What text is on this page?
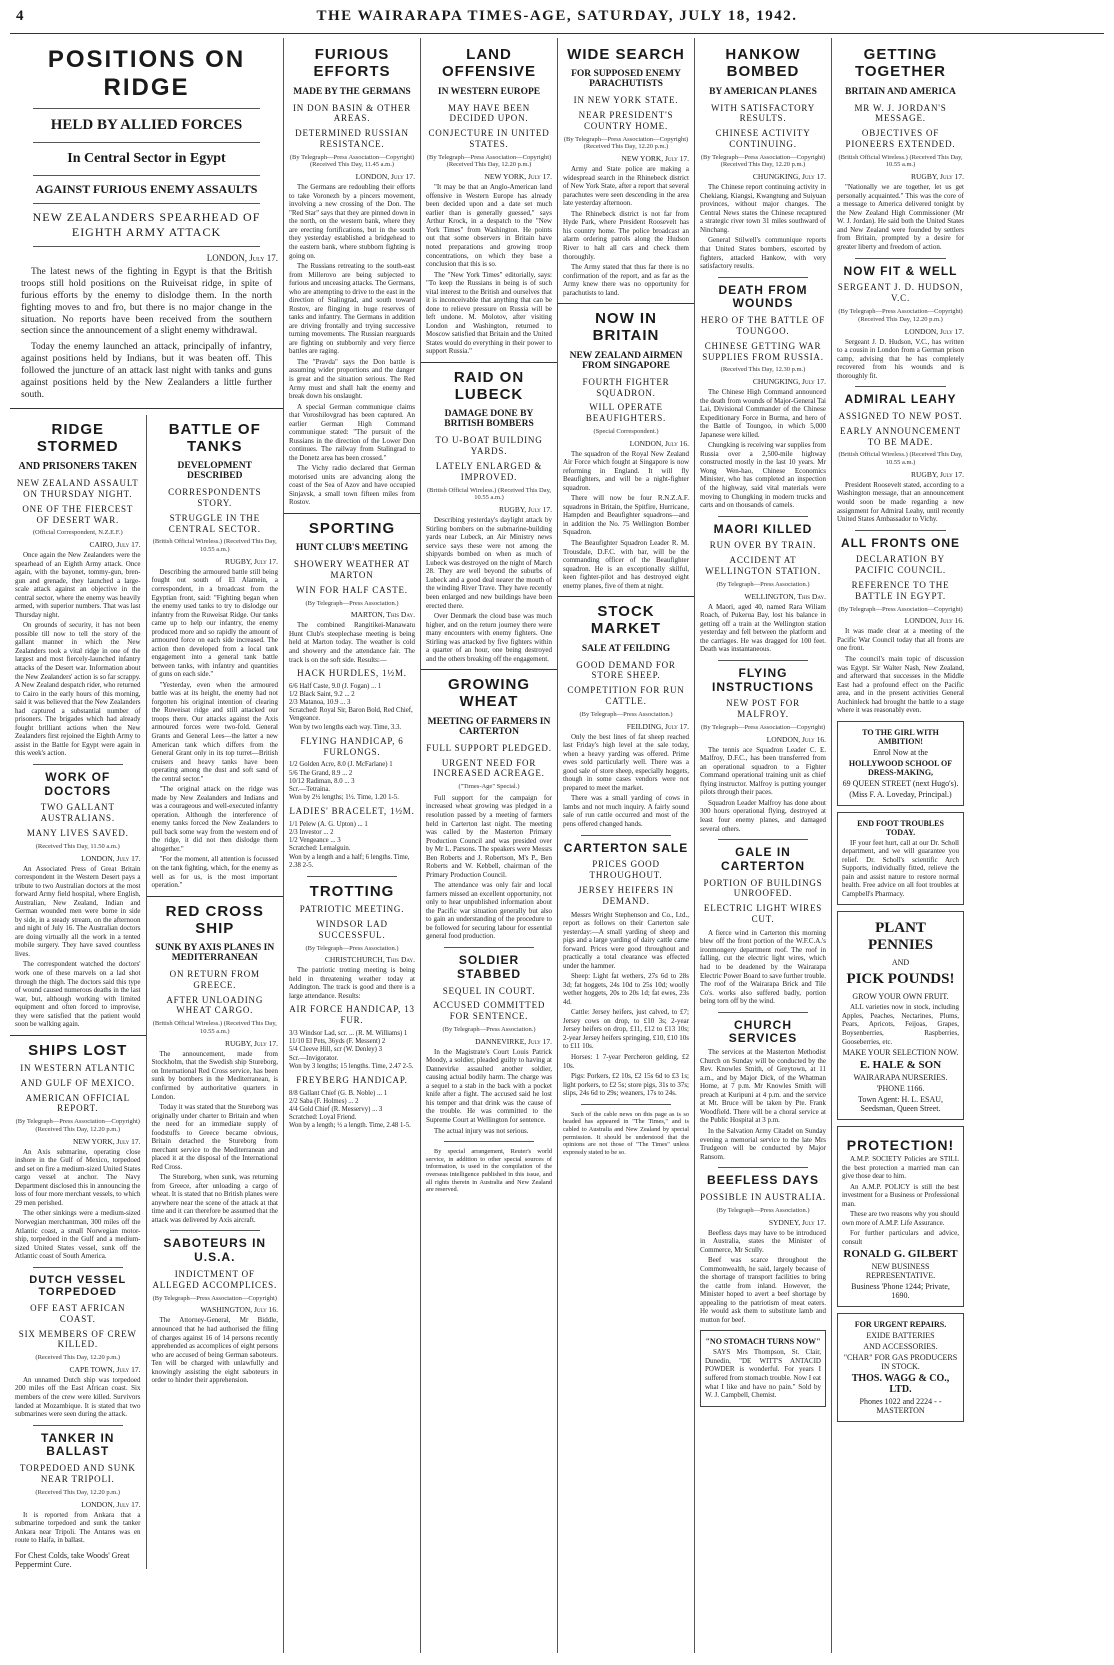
4	THE WAIRARAPA TIMES-AGE, SATURDAY, JULY 18, 1942.
POSITIONS ON RIDGE
HELD BY ALLIED FORCES
In Central Sector in Egypt
AGAINST FURIOUS ENEMY ASSAULTS
NEW ZEALANDERS SPEARHEAD OF EIGHTH ARMY ATTACK
LONDON, July 17.

The latest news of the fighting in Egypt is that the British troops still hold positions on the Ruiveisat ridge, in spite of furious efforts by the enemy to dislodge them. In the north fighting moves to and fro, but there is no major change in the situation. No reports have been received from the southern section since the announcement of a slight enemy withdrawal.

Today the enemy launched an attack, principally of infantry, against positions held by Indians, but it was beaten off. This followed the juncture of an attack last night with tanks and guns against positions held by the New Zealanders a little further south.

RIDGE STORMED
AND PRISONERS TAKEN
NEW ZEALAND ASSAULT ON THURSDAY NIGHT.
ONE OF THE FIERCEST OF DESERT WAR.
(Official Correspondent, N.Z.E.F.)
CAIRO, July 17.

Once again the New Zealanders were the spearhead of an Eighth Army attack. Once again, with the bayonet, tommy-gun, bren-gun and grenade, they launched a large-scale attack against an objective in the central sector, where the enemy was heavily armed, with superior numbers. That was last Thursday night.

On grounds of security, it has not been possible till now to tell the story of the gallant manner in which the New Zealanders took a vital ridge in one of the largest and most fiercely-launched infantry attacks of the Desert war. Information about the New Zealanders' action is so far scrappy. A New Zealand despatch rider, who returned to Cairo in the early hours of this morning, said it was believed that the New Zealanders had captured a substantial number of prisoners. The brigades which had already fought brilliant actions when the New Zealanders first rejoined the Eighth Army to assist in the Battle for Egypt were again in this week's action.

WORK OF DOCTORS
TWO GALLANT AUSTRALIANS.
MANY LIVES SAVED.
(Received This Day, 11.50 a.m.)
LONDON, July 17.

An Associated Press of Great Britain correspondent in the Western Desert pays a tribute to two Australian doctors at the most forward Army field hospital, where English, Australian, New Zealand, Indian and German wounded men were borne in side by side, in a steady stream, on the afternoon and night of July 16. The Australian doctors are doing virtually all the work in a tented mobile surgery. They have saved countless lives.

The correspondent watched the doctors' work one of these marvels on a lad shot through the thigh. The doctors said this type of wound caused numerous deaths in the last war, but, although working with limited equipment and often forced to improvise, they were satisfied that the patient would soon be walking again.

SHIPS LOST
IN WESTERN ATLANTIC
AND GULF OF MEXICO.
AMERICAN OFFICIAL REPORT.
(By Telegraph—Press Association—Copyright) (Received This Day, 12.20 p.m.)
NEW YORK, July 17.

An Axis submarine, operating close inshore in the Gulf of Mexico, torpedoed and set on fire a medium-sized United States cargo vessel at anchor. The Navy Department disclosed this in announcing the loss of four more merchant vessels, to which 29 men perished.

The other sinkings were a medium-sized Norwegian merchantman, 300 miles off the Atlantic coast, a small Norwegian motor-ship, torpedoed in the Gulf and a medium-sized United States vessel, sunk off the Atlantic coast of South America.

DUTCH VESSEL TORPEDOED
OFF EAST AFRICAN COAST.
SIX MEMBERS OF CREW KILLED.
(Received This Day, 12.20 p.m.)
CAPE TOWN, July 17.

An unnamed Dutch ship was torpedoed 200 miles off the East African coast. Six members of the crew were killed. Survivors landed at Mozambique. It is stated that two submarines were seen during the attack.

TANKER IN BALLAST
TORPEDOED AND SUNK NEAR TRIPOLI.
(Received This Day, 12.20 p.m.)
LONDON, July 17.

It is reported from Ankara that a submarine torpedoed and sunk the tanker Ankara near Tripoli. The Antares was en route to Haifa, in ballast.

For Chest Colds, take Woods' Great Peppermint Cure.
BATTLE OF TANKS
DEVELOPMENT DESCRIBED
CORRESPONDENTS STORY.
STRUGGLE IN THE CENTRAL SECTOR.
(British Official Wireless.) (Received This Day, 10.55 a.m.)
RUGBY, July 17.

Describing the armoured battle still being fought out south of El Alamein, a correspondent, in a broadcast from the Egyptian front, said: "Fighting began when the enemy used tanks to try to dislodge our infantry from the Ruweisat Ridge. Our tanks came up to help our infantry, the enemy produced more and so rapidly the amount of armoured force on each side increased. The action then developed from a local tank engagement into a general tank battle between tanks, with infantry and quantities of guns on each side."

"Yesterday, even when the armoured battle was at its height, the enemy had not forgotten his original intention of clearing the Ruweisat ridge and still attacked our troops there. Our attacks against the Axis armoured forces were two-fold. General Grants and General Lees—the latter a new American tank which differs from the General Grant only in its top turret—British cruisers and heavy tanks have been operating among the dust and soft sand of the central sector."

"The original attack on the ridge was made by New Zealanders and Indians and was a courageous and well-executed infantry operation. Although the interference of enemy tanks forced the New Zealanders to pull back some way from the western end of the ridge, it did not then dislodge them altogether."

"For the moment, all attention is focussed on the tank fighting, which, for the enemy as well as for us, is the most important operation."

RED CROSS SHIP
SUNK BY AXIS PLANES IN MEDITERRANEAN
ON RETURN FROM GREECE.
AFTER UNLOADING WHEAT CARGO.
(British Official Wireless.) (Received This Day, 10.55 a.m.)
RUGBY, July 17.

The announcement, made from Stockholm, that the Swedish ship Stureborg, on International Red Cross service, has been sunk by bombers in the Mediterranean, is confirmed by authoritative quarters in London.

Today it was stated that the Stureborg was originally under charter to Britain and when the need for an immediate supply of foodstuffs to Greece became obvious, Britain detached the Stureborg from merchant service to the Mediterranean and placed it at the disposal of the International Red Cross.

The Stureborg, when sunk, was returning from Greece, after unloading a cargo of wheat. It is stated that no British planes were anywhere near the scene of the attack at that time and it can therefore be assumed that the attack was delivered by Axis aircraft.

SABOTEURS IN U.S.A.
INDICTMENT OF ALLEGED ACCOMPLICES.
(By Telegraph—Press Association—Copyright)
WASHINGTON, July 16.

The Attorney-General, Mr Biddle, announced that he had authorised the filing of charges against 16 of 14 persons recently apprehended as accomplices of eight persons who are accused of being German saboteurs. Ten will be charged with unlawfully and knowingly assisting the eight saboteurs in order to hinder their apprehension.

FURIOUS EFFORTS
MADE BY THE GERMANS
IN DON BASIN & OTHER AREAS.
DETERMINED RUSSIAN RESISTANCE.
(By Telegraph—Press Association—Copyright) (Received This Day, 11.45 a.m.)
LONDON, July 17.

The Germans are redoubling their efforts to take Voronezh by a pincers movement, involving a new crossing of the Don. The "Red Star" says that they are pinned down in the north, on the western bank, where they are erecting fortifications, but in the south they yesterday established a bridgehead to the eastern bank, where stubborn fighting is going on.

The Russians retreating to the south-east from Millerovo are being subjected to furious and unceasing attacks. The Germans, who are attempting to drive to the east in the direction of Stalingrad, and south toward Rostov, are flinging in huge reserves of tanks and infantry. The Germans in addition are driving frontally and trying successive turning movements. The Russian rearguards are fighting on stubbornly and very fierce battles are raging.

The "Pravda" says the Don battle is assuming wider proportions and the danger is great and the situation serious. The Red Army must and shall halt the enemy and break down his onslaught.

A special German communique claims that Voroshilovgrad has been captured. An earlier German High Command communique stated: "The pursuit of the Russians in the direction of the Lower Don continues. The railway from Stalingrad to the Donetz area has been crossed."

The Vichy radio declared that German motorised units are advancing along the coast of the Sea of Azov and have occupied Sinjavsk, a small town fifteen miles from Rostov.

SPORTING
HUNT CLUB'S MEETING
SHOWERY WEATHER AT MARTON
WIN FOR HALF CASTE.
(By Telegraph—Press Association.)
MARTON, This Day.

The combined Rangitikei-Manawatu Hunt Club's steeplechase meeting is being held at Marton today. The weather is cold and showery and the attendance fair. The track is on the soft side. Results:—

HACK HURDLES, 1½M.
6/6 Half Caste, 9.0 (J. Fogan) ... 1
1/2 Black Saint, 9.2 ... 2
2/3 Matanoa, 10.9 ... 3
Scratched: Royal Sir, Baron Bold, Red Chief, Vengeance.
Won by two lengths each way. Time, 3.3.
FLYING HANDICAP, 6 FURLONGS.
1/2 Golden Acre, 8.0 (J. McFarlane) 1
5/6 The Grand, 8.9 ... 2
10/12 Radiman, 8.0 ... 3
Scr.—Tetraina.
Won by 2½ lengths; 1½. Time, 1.20 1-5.
LADIES' BRACELET, 1½M.
1/1 Pelew (A. G. Upton) ... 1
2/3 Investor ... 2
1/2 Vengeance ... 3
Scratched: Lemalguin.
Won by a length and a half; 6 lengths. Time, 2.38 2-5.
TROTTING
PATRIOTIC MEETING.
WINDSOR LAD SUCCESSFUL.
(By Telegraph—Press Association.)
CHRISTCHURCH, This Day.

The patriotic trotting meeting is being held in threatening weather today at Addington. The track is good and there is a large attendance. Results:

AIR FORCE HANDICAP, 13 FUR.
3/3 Windsor Lad, scr. ... (R. M. Williams) 1
11/10 El Pets, 36yds (F. Messent) 2
5/4 Cleeve Hill, scr (W. Denley) 3
Scr.—Invigorator.
Won by 3 lengths; 15 lengths. Time, 2.47 2-5.
FREYBERG HANDICAP.
8/8 Gallant Chief (G. B. Noble) ... 1
2/2 Saba (F. Holmes) ... 2
4/4 Gold Chief (R. Messervy) ... 3
Scratched: Loyal Friend.
Won by a length; ½ a length. Time, 2.48 1-5.
LAND OFFENSIVE
IN WESTERN EUROPE
MAY HAVE BEEN DECIDED UPON.
CONJECTURE IN UNITED STATES.
(By Telegraph—Press Association—Copyright) (Received This Day, 12.20 p.m.)
NEW YORK, July 17.

"It may be that an Anglo-American land offensive in Western Europe has already been decided upon and a date set much earlier than is generally guessed," says Arthur Krock, in a despatch to the "New York Times" from Washington. He points out that some observers in Britain have noted preparations and growing troop concentrations, on which they base a conclusion that this is so.

The "New York Times" editorially, says: "To keep the Russians in being is of such vital interest to the British and ourselves that it is inconceivable that anything that can be done to relieve pressure on Russia will be left undone. M. Molotov, after visiting London and Washington, returned to Moscow satisfied that Britain and the United States would do everything in their power to support Russia."

RAID ON LUBECK
DAMAGE DONE BY BRITISH BOMBERS
TO U-BOAT BUILDING YARDS.
LATELY ENLARGED & IMPROVED.
(British Official Wireless.) (Received This Day, 10.55 a.m.)
RUGBY, July 17.

Describing yesterday's daylight attack by Stirling bombers on the submarine-building yards near Lubeck, an Air Ministry news service says these were not among the shipyards bombed on when as much of Lubeck was destroyed on the night of March 28. They are well beyond the suburbs of Lubeck and a good deal nearer the mouth of the winding River Trave. They have recently been enlarged and new buildings have been erected there.

Over Denmark the cloud base was much higher, and on the return journey there were many encounters with enemy fighters. One Stirling was attacked by five fighters within a quarter of an hour, one being destroyed and the others breaking off the engagement.

GROWING WHEAT
MEETING OF FARMERS IN CARTERTON
FULL SUPPORT PLEDGED.
URGENT NEED FOR INCREASED ACREAGE.
("Times-Age" Special.)

Full support for the campaign for increased wheat growing was pledged in a resolution passed by a meeting of farmers held in Carterton last night. The meeting was called by the Masterton Primary Production Council and was presided over by Mr L. Parsons. The speakers were Messrs Ben Roberts and J. Robertson, M's P., Ben Roberts and W. Kebbell, chairman of the Primary Production Council.

The attendance was only fair and local farmers missed an excellent opportunity, not only to hear unpublished information about the Pacific war situation generally but also to gain an understanding of the procedure to be followed for securing labour for essential general food production.

SOLDIER STABBED
SEQUEL IN COURT.
ACCUSED COMMITTED FOR SENTENCE.
(By Telegraph—Press Association.)
DANNEVIRKE, July 17.

In the Magistrate's Court Louis Patrick Moody, a soldier, pleaded guilty to having at Dannevirke assaulted another soldier, causing actual bodily harm. The charge was a sequel to a stab in the back with a pocket knife after a fight. The accused said he lost his temper and that drink was the cause of the trouble. He was committed to the Supreme Court at Wellington for sentence.

The actual injury was not serious.

By special arrangement, Reuter's world service, in addition to other special sources of information, is used in the compilation of the overseas intelligence published in this issue, and all rights therein in Australia and New Zealand are reserved.

WIDE SEARCH
FOR SUPPOSED ENEMY PARACHUTISTS
IN NEW YORK STATE.
NEAR PRESIDENT'S COUNTRY HOME.
(By Telegraph—Press Association—Copyright) (Received This Day, 12.20 p.m.)
NEW YORK, July 17.

Army and State police are making a widespread search in the Rhinebeck district of New York State, after a report that several parachutes were seen descending in the area late yesterday afternoon.

The Rhinebeck district is not far from Hyde Park, where President Roosevelt has his country home. The police broadcast an alarm ordering patrols along the Hudson River to halt all cars and check them thoroughly.

The Army stated that thus far there is no confirmation of the report, and as far as the Army knew there was no opportunity for parachutists to land.

NOW IN BRITAIN
NEW ZEALAND AIRMEN FROM SINGAPORE
FOURTH FIGHTER SQUADRON.
WILL OPERATE BEAUFIGHTERS.
(Special Correspondent.)
LONDON, July 16.

The squadron of the Royal New Zealand Air Force which fought at Singapore is now reforming in England. It will fly Beaufighters, and will be a night-fighter squadron.

There will now be four R.N.Z.A.F. squadrons in Britain, the Spitfire, Hurricane, Hampden and Beaufighter squadrons—and in addition the No. 75 Wellington Bomber Squadron.

The Beaufighter Squadron Leader R. M. Trousdale, D.F.C. with bar, will be the commanding officer of the Beaufighter squadron. He is an exceptionally skilful, keen fighter-pilot and has destroyed eight enemy planes, five of them at night.

STOCK MARKET
SALE AT FEILDING
GOOD DEMAND FOR STORE SHEEP.
COMPETITION FOR RUN CATTLE.
(By Telegraph—Press Association.)
FEILDING, July 17.

Only the best lines of fat sheep reached last Friday's high level at the sale today, when a heavy yarding was offered. Prime ewes sold particularly well. There was a good sale of store sheep, especially hoggets, though in some cases vendors were not prepared to meet the market.

There was a small yarding of cows in lambs and not much inquiry. A fairly sound sale of run cattle occurred and most of the pens offered changed hands.

CARTERTON SALE
PRICES GOOD THROUGHOUT.
JERSEY HEIFERS IN DEMAND.

Messrs Wright Stephenson and Co., Ltd., report as follows on their Carterton sale yesterday:—A small yarding of sheep and pigs and a large yarding of dairy cattle came forward. Prices were good throughout and practically a total clearance was effected under the hammer.

Sheep: Light fat wethers, 27s 6d to 28s 3d; fat hoggets, 24s 10d to 25s 10d; woolly wether hoggets, 20s to 20s 1d; fat ewes, 23s 4d.

Cattle: Jersey heifers, just calved, to £7; Jersey cows on drop, to £10 3s; 2-year Jersey heifers on drop, £11, £12 to £13 10s; 2-year Jersey heifers springing, £10, £10 10s to £11 10s.

Horses: 1 7-year Percheron gelding, £2 10s.

Pigs: Porkers, £2 10s, £2 15s 6d to £3 1s; light porkers, to £2 5s; store pigs, 31s to 37s; slips, 24s 6d to 29s; weaners, 17s to 24s.

Such of the cable news on this page as is so headed has appeared in "The Times," and is cabled to Australia and New Zealand by special permission. It should be understood that the opinions are not those of "The Times" unless expressly stated to be so.

HANKOW BOMBED
BY AMERICAN PLANES
WITH SATISFACTORY RESULTS.
CHINESE ACTIVITY CONTINUING.
(By Telegraph—Press Association—Copyright) (Received This Day, 12.20 p.m.)
CHUNGKING, July 17.

The Chinese report continuing activity in Chekiang, Kiangsi, Kwangtung and Suiyuan provinces, without major changes. The Central News states the Chinese recaptured a strategic river town 31 miles southward of Ninchang.

General Stilwell's communique reports that United States bombers, escorted by fighters, attacked Hankow, with very satisfactory results.

DEATH FROM WOUNDS
HERO OF THE BATTLE OF TOUNGOO.
CHINESE GETTING WAR SUPPLIES FROM RUSSIA.
(Received This Day, 12.30 p.m.)
CHUNGKING, July 17.

The Chinese High Command announced the death from wounds of Major-General Tai Lai, Divisional Commander of the Chinese Expeditionary Force in Burma, and hero of the Battle of Toungoo, in which 5,000 Japanese were killed.

Chungking is receiving war supplies from Russia over a 2,500-mile highway constructed mostly in the last 10 years. Mr Wong Wen-hao, Chinese Economics Minister, who has completed an inspection of the highway, said vital materials were moving to Chungking in modern trucks and carts and on thousands of camels.

MAORI KILLED
RUN OVER BY TRAIN.
ACCIDENT AT WELLINGTON STATION.
(By Telegraph—Press Association.)
WELLINGTON, This Day.

A Maori, aged 40, named Rara Wiliam Roach, of Pukerua Bay, lost his balance in getting off a train at the Wellington station yesterday and fell between the platform and the carriages. He was dragged for 100 feet. Death was instantaneous.

FLYING INSTRUCTIONS
NEW POST FOR MALFROY.
(By Telegraph—Press Association—Copyright)
LONDON, July 16.

The tennis ace Squadron Leader C. E. Malfroy, D.F.C., has been transferred from an operational squadron to a Fighter Command operational training unit as chief flying instructor. Malfroy is putting younger pilots through their paces.

Squadron Leader Malfroy has done about 300 hours operational flying, destroyed at least four enemy planes, and damaged several others.

GALE IN CARTERTON
PORTION OF BUILDINGS UNROOFED.
ELECTRIC LIGHT WIRES CUT.

A fierce wind in Carterton this morning blew off the front portion of the W.F.C.A.'s ironmongery department roof. The roof in falling, cut the electric light wires, which had to be deadened by the Wairarapa Electric Power Board to save further trouble. The roof of the Wairarapa Brick and Tile Co's. works also suffered badly, portion being torn off by the wind.

CHURCH SERVICES

The services at the Masterton Methodist Church on Sunday will be conducted by the Rev. Knowles Smith, of Greytown, at 11 a.m., and by Major Dick, of the Whatman Home, at 7 p.m. Mr Knowles Smith will preach at Kuripuni at 4 p.m. and the service at Mt. Bruce will be taken by Pte. Frank Woodfield. There will be a choral service at the Public Hospital at 3 p.m.

In the Salvation Army Citadel on Sunday evening a memorial service to the late Mrs Trudgeon will be conducted by Major Ransom.

BEEFLESS DAYS
POSSIBLE IN AUSTRALIA.
(By Telegraph—Press Association.)
SYDNEY, July 17.

Beefless days may have to be introduced in Australia, states the Minister of Commerce, Mr Scully.

Beef was scarce throughout the Commonwealth, he said, largely because of the shortage of transport facilities to bring the cattle from inland. However, the Minister hoped to avert a beef shortage by appealing to the patriotism of meat eaters. He would ask them to substitute lamb and mutton for beef.

"NO STOMACH TURNS NOW"

SAYS Mrs Thompson, St. Clair, Dunedin, "DE WITT'S ANTACID POWDER is wonderful. For years I suffered from stomach trouble. Now I eat what I like and have no pain." Sold by W. J. Campbell, Chemist.

GETTING TOGETHER
BRITAIN AND AMERICA
MR W. J. JORDAN'S MESSAGE.
OBJECTIVES OF PIONEERS EXTENDED.
(British Official Wireless.) (Received This Day, 10.55 a.m.)
RUGBY, July 17.

"Nationally we are together, let us get personally acquainted." This was the core of a message to America delivered tonight by the New Zealand High Commissioner (Mr W. J. Jordan). He said both the United States and New Zealand were founded by settlers from Britain, prompted by a desire for greater liberty and freedom of action.

NOW FIT & WELL
SERGEANT J. D. HUDSON, V.C.
(By Telegraph—Press Association—Copyright) (Received This Day, 12.20 p.m.)
LONDON, July 17.

Sergeant J. D. Hudson, V.C., has written to a cousin in London from a German prison camp, advising that he has completely recovered from his wounds and is thoroughly fit.

ADMIRAL LEAHY
ASSIGNED TO NEW POST.
EARLY ANNOUNCEMENT TO BE MADE.
(British Official Wireless.) (Received This Day, 10.55 a.m.)
RUGBY, July 17.

President Roosevelt stated, according to a Washington message, that an announcement would soon be made regarding a new assignment for Admiral Leahy, until recently United States Ambassador to Vichy.

ALL FRONTS ONE
DECLARATION BY PACIFIC COUNCIL.
REFERENCE TO THE BATTLE IN EGYPT.
(By Telegraph—Press Association—Copyright)
LONDON, July 16.

It was made clear at a meeting of the Pacific War Council today that all fronts are one front.

The council's main topic of discussion was Egypt. Sir Walter Nash, New Zealand, and afterward that successes in the Middle East had a profound effect on the Pacific area, and in the present activities General Auchinleck had brought the battle to a stage where it was reasonably even.

TO THE GIRL WITH AMBITION!
Enrol Now at the
HOLLYWOOD SCHOOL OF DRESS-MAKING,
69 QUEEN STREET (next Hugo's).
(Miss F. A. Loveday, Principal.)
END FOOT TROUBLES TODAY.

IF your feet hurt, call at our Dr. Scholl department, and we will guarantee you relief. Dr. Scholl's scientific Arch Supports, individually fitted, relieve the pain and assist nature to restore normal health. Free advice on all foot troubles at Campbell's Pharmacy.

PLANT PENNIES
AND
PICK POUNDS!
GROW YOUR OWN FRUIT.

ALL varieties now in stock, including Apples, Peaches, Nectarines, Plums, Pears, Apricots, Feijoas, Grapes, Boysenberries, Raspberries, Gooseberries, etc.

MAKE YOUR SELECTION NOW.
E. HALE & SON
WAIRARAPA NURSERIES.
'PHONE 1166.
Town Agent: H. L. ESAU, Seedsman, Queen Street.
PROTECTION!

A.M.P. SOCIETY Policies are STILL the best protection a married man can give those dear to him.

An A.M.P. POLICY is still the best investment for a Business or Professional man.

These are two reasons why you should own more of A.M.P. Life Assurance.

For further particulars and advice, consult

RONALD G. GILBERT
NEW BUSINESS REPRESENTATIVE.
Business 'Phone 1244; Private, 1690.
FOR URGENT REPAIRS.
EXIDE BATTERIES
AND ACCESSORIES.
"CHAR" FOR GAS PRODUCERS IN STOCK.
THOS. WAGG & CO., LTD.
Phones 1022 and 2224 - - MASTERTON
